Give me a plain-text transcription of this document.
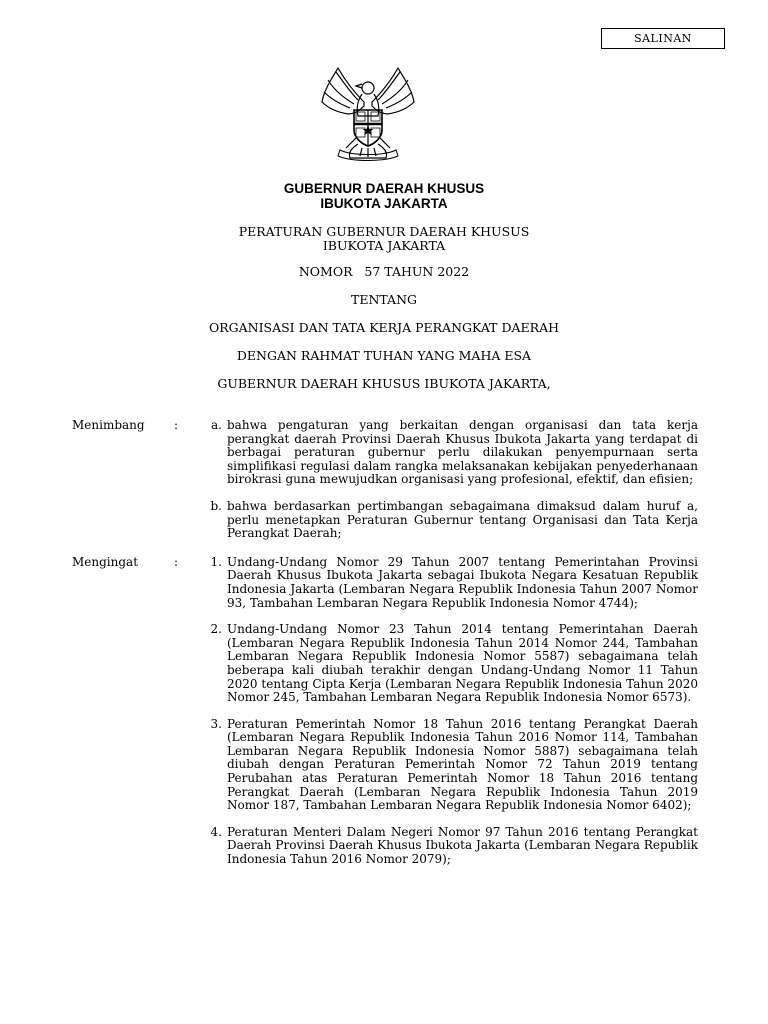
SALINAN
GUBERNUR DAERAH KHUSUS
IBUKOTA JAKARTA
PERATURAN GUBERNUR DAERAH KHUSUS
IBUKOTA JAKARTA
NOMOR   57 TAHUN 2022
TENTANG
ORGANISASI DAN TATA KERJA PERANGKAT DAERAH
DENGAN RAHMAT TUHAN YANG MAHA ESA
GUBERNUR DAERAH KHUSUS IBUKOTA JAKARTA,
Menimbang	:	a. bahwa pengaturan yang berkaitan dengan organisasi dan tata kerja perangkat daerah Provinsi Daerah Khusus Ibukota Jakarta yang terdapat di berbagai peraturan gubernur perlu dilakukan penyempurnaan serta simplifikasi regulasi dalam rangka melaksanakan kebijakan penyederhanaan birokrasi guna mewujudkan organisasi yang profesional, efektif, dan efisien;
b. bahwa berdasarkan pertimbangan sebagaimana dimaksud dalam huruf a, perlu menetapkan Peraturan Gubernur tentang Organisasi dan Tata Kerja Perangkat Daerah;
Mengingat	:	1. Undang-Undang Nomor 29 Tahun 2007 tentang Pemerintahan Provinsi Daerah Khusus Ibukota Jakarta sebagai Ibukota Negara Kesatuan Republik Indonesia Jakarta (Lembaran Negara Republik Indonesia Tahun 2007 Nomor 93, Tambahan Lembaran Negara Republik Indonesia Nomor 4744);
2. Undang-Undang Nomor 23 Tahun 2014 tentang Pemerintahan Daerah (Lembaran Negara Republik Indonesia Tahun 2014 Nomor 244, Tambahan Lembaran Negara Republik Indonesia Nomor 5587) sebagaimana telah beberapa kali diubah terakhir dengan Undang-Undang Nomor 11 Tahun 2020 tentang Cipta Kerja (Lembaran Negara Republik Indonesia Tahun 2020 Nomor 245, Tambahan Lembaran Negara Republik Indonesia Nomor 6573).
3. Peraturan Pemerintah Nomor 18 Tahun 2016 tentang Perangkat Daerah (Lembaran Negara Republik Indonesia Tahun 2016 Nomor 114, Tambahan Lembaran Negara Republik Indonesia Nomor 5887) sebagaimana telah diubah dengan Peraturan Pemerintah Nomor 72 Tahun 2019 tentang Perubahan atas Peraturan Pemerintah Nomor 18 Tahun 2016 tentang Perangkat Daerah (Lembaran Negara Republik Indonesia Tahun 2019 Nomor 187, Tambahan Lembaran Negara Republik Indonesia Nomor 6402);
4. Peraturan Menteri Dalam Negeri Nomor 97 Tahun 2016 tentang Perangkat Daerah Provinsi Daerah Khusus Ibukota Jakarta (Lembaran Negara Republik Indonesia Tahun 2016 Nomor 2079);
